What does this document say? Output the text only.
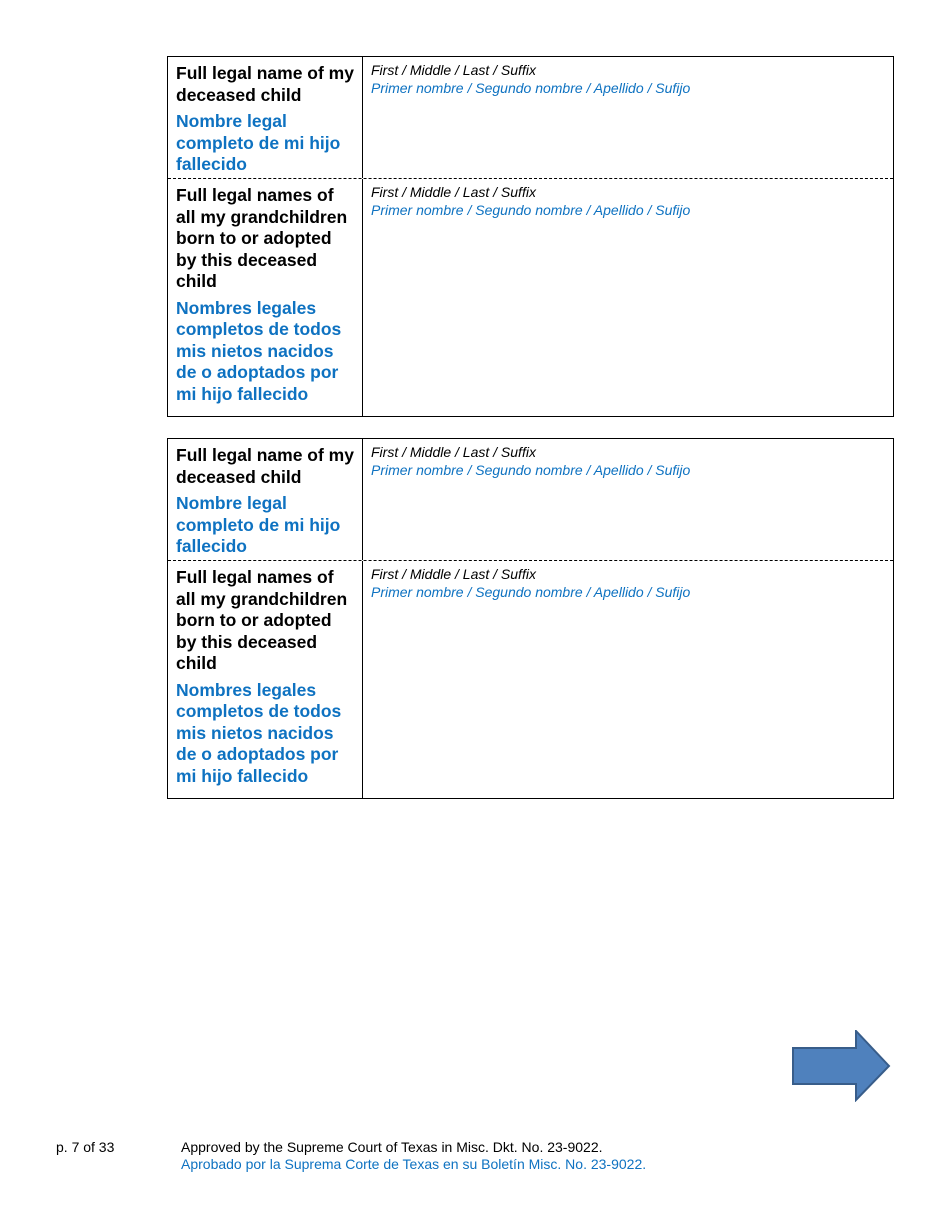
Full legal name of my deceased child
Nombre legal completo de mi hijo fallecido
First / Middle / Last / Suffix
Primer nombre / Segundo nombre / Apellido / Sufijo
Full legal names of all my grandchildren born to or adopted by this deceased child
Nombres legales completos de todos mis nietos nacidos de o adoptados por mi hijo fallecido
First / Middle / Last / Suffix
Primer nombre / Segundo nombre / Apellido / Sufijo
Full legal name of my deceased child
Nombre legal completo de mi hijo fallecido
First / Middle / Last / Suffix
Primer nombre / Segundo nombre / Apellido / Sufijo
Full legal names of all my grandchildren born to or adopted by this deceased child
Nombres legales completos de todos mis nietos nacidos de o adoptados por mi hijo fallecido
First / Middle / Last / Suffix
Primer nombre / Segundo nombre / Apellido / Sufijo
p. 7 of 33	Approved by the Supreme Court of Texas in Misc. Dkt. No. 23-9022.
Aprobado por la Suprema Corte de Texas en su Boletín Misc. No. 23-9022.
